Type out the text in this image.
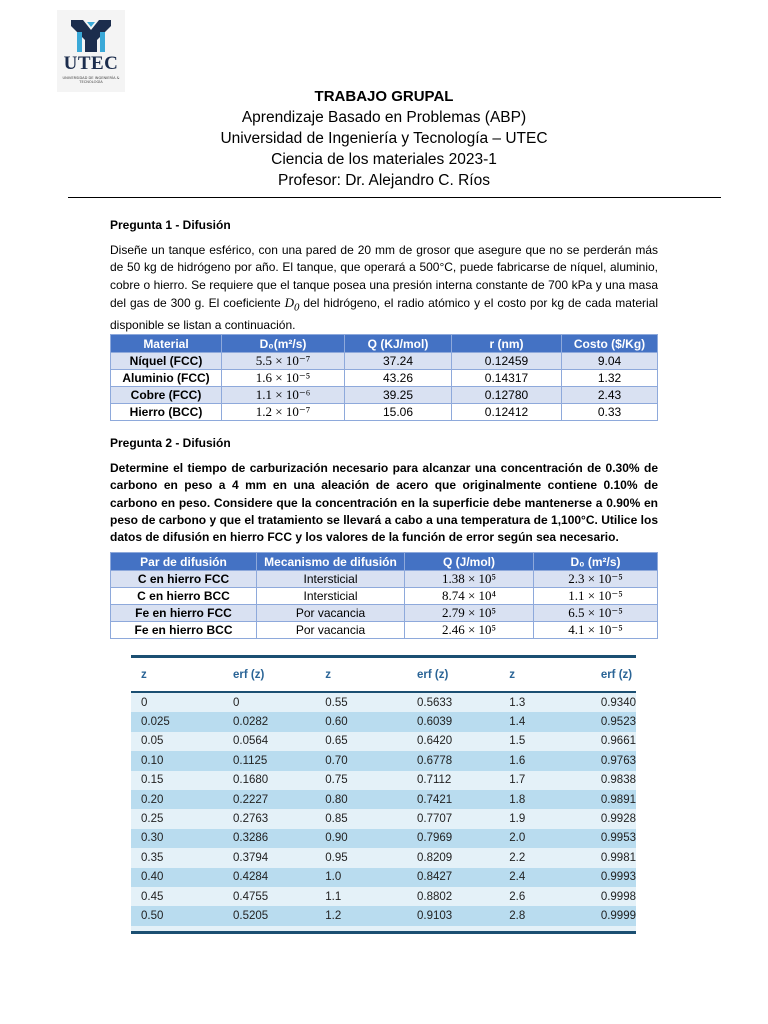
UTEC
UNIVERSIDAD DE INGENIERÍA & TECNOLOGÍA
TRABAJO GRUPAL
Aprendizaje Basado en Problemas (ABP)
Universidad de Ingeniería y Tecnología – UTEC
Ciencia de los materiales 2023-1
Profesor: Dr. Alejandro C. Ríos
Pregunta 1 - Difusión
Diseñe un tanque esférico, con una pared de 20 mm de grosor que asegure que no se perderán más de 50 kg de hidrógeno por año. El tanque, que operará a 500°C, puede fabricarse de níquel, aluminio, cobre o hierro. Se requiere que el tanque posea una presión interna constante de 700 kPa y una masa del gas de 300 g. El coeficiente $D_0$ del hidrógeno, el radio atómico y el costo por kg de cada material disponible se listan a continuación.
Material	D₀(m²/s)	Q (KJ/mol)	r (nm)	Costo ($/Kg)
Níquel (FCC)	5.5 × 10⁻⁷	37.24	0.12459	9.04
Aluminio (FCC)	1.6 × 10⁻⁵	43.26	0.14317	1.32
Cobre (FCC)	1.1 × 10⁻⁶	39.25	0.12780	2.43
Hierro (BCC)	1.2 × 10⁻⁷	15.06	0.12412	0.33
Pregunta 2 - Difusión
Determine el tiempo de carburización necesario para alcanzar una concentración de 0.30% de carbono en peso a 4 mm en una aleación de acero que originalmente contiene 0.10% de carbono en peso. Considere que la concentración en la superficie debe mantenerse a 0.90% en peso de carbono y que el tratamiento se llevará a cabo a una temperatura de 1,100°C. Utilice los datos de difusión en hierro FCC y los valores de la función de error según sea necesario.
Par de difusión	Mecanismo de difusión	Q (J/mol)	D₀ (m²/s)
C en hierro FCC	Intersticial	1.38 × 10⁵	2.3 × 10⁻⁵
C en hierro BCC	Intersticial	8.74 × 10⁴	1.1 × 10⁻⁵
Fe en hierro FCC	Por vacancia	2.79 × 10⁵	6.5 × 10⁻⁵
Fe en hierro BCC	Por vacancia	2.46 × 10⁵	4.1 × 10⁻⁵
z	erf (z)	z	erf (z)	z	erf (z)
0	0	0.55	0.5633	1.3	0.9340
0.025	0.0282	0.60	0.6039	1.4	0.9523
0.05	0.0564	0.65	0.6420	1.5	0.9661
0.10	0.1125	0.70	0.6778	1.6	0.9763
0.15	0.1680	0.75	0.7112	1.7	0.9838
0.20	0.2227	0.80	0.7421	1.8	0.9891
0.25	0.2763	0.85	0.7707	1.9	0.9928
0.30	0.3286	0.90	0.7969	2.0	0.9953
0.35	0.3794	0.95	0.8209	2.2	0.9981
0.40	0.4284	1.0	0.8427	2.4	0.9993
0.45	0.4755	1.1	0.8802	2.6	0.9998
0.50	0.5205	1.2	0.9103	2.8	0.9999
